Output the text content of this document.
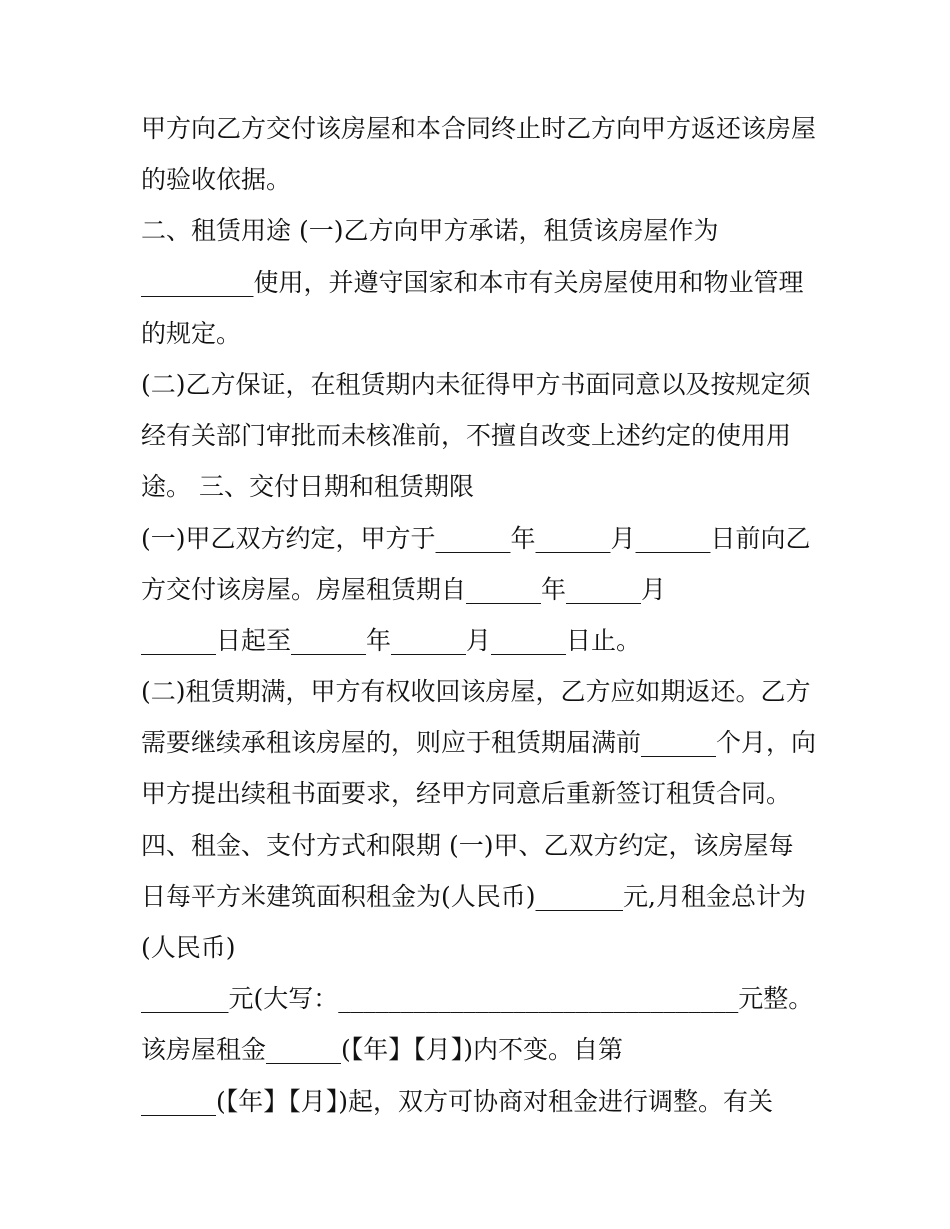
甲方向乙方交付该房屋和本合同终止时乙方向甲方返还该房屋
的验收依据。
二、租赁用途 (一)乙方向甲方承诺，租赁该房屋作为
_________使用，并遵守国家和本市有关房屋使用和物业管理
的规定。
(二)乙方保证，在租赁期内未征得甲方书面同意以及按规定须
经有关部门审批而未核准前，不擅自改变上述约定的使用用
途。 三、交付日期和租赁期限
(一)甲乙双方约定，甲方于______年______月______日前向乙
方交付该房屋。房屋租赁期自______年______月
______日起至______年______月______日止。
(二)租赁期满，甲方有权收回该房屋，乙方应如期返还。乙方
需要继续承租该房屋的，则应于租赁期届满前______个月，向
甲方提出续租书面要求，经甲方同意后重新签订租赁合同。
四、租金、支付方式和限期 (一)甲、乙双方约定，该房屋每
日每平方米建筑面积租金为(人民币)_______元,月租金总计为
(人民币)
_______元(大写：________________________________元整。
该房屋租金______(【年】【月】)内不变。自第
______(【年】【月】)起，双方可协商对租金进行调整。有关
